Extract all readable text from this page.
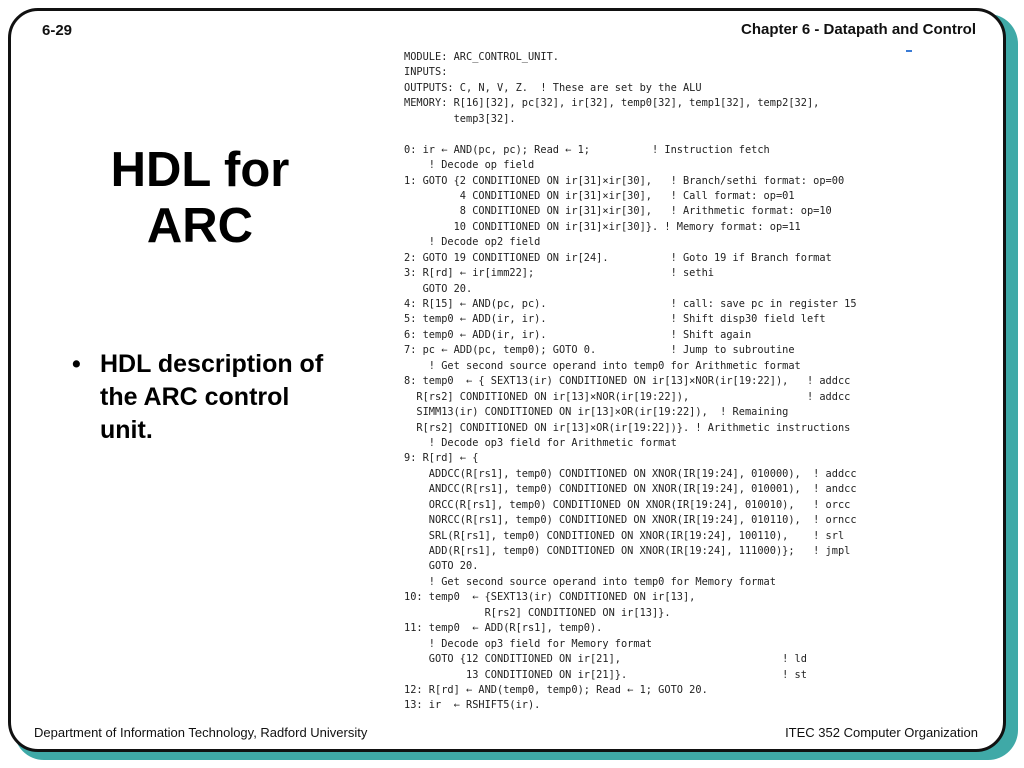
6-29	Chapter 6 - Datapath and Control
HDL for
ARC
• HDL description of the ARC control unit.
MODULE: ARC_CONTROL_UNIT.
INPUTS:
OUTPUTS: C, N, V, Z.  ! These are set by the ALU
MEMORY: R[16][32], pc[32], ir[32], temp0[32], temp1[32], temp2[32],
temp3[32].
0: ir ← AND(pc, pc); Read ← 1;          ! Instruction fetch
! Decode op field
1: GOTO {2 CONDITIONED ON ir[31]×ir[30],   ! Branch/sethi format: op=00
4 CONDITIONED ON ir[31]×ir[30],   ! Call format: op=01
8 CONDITIONED ON ir[31]×ir[30],   ! Arithmetic format: op=10
10 CONDITIONED ON ir[31]×ir[30]}. ! Memory format: op=11
! Decode op2 field
2: GOTO 19 CONDITIONED ON ir[24].          ! Goto 19 if Branch format
3: R[rd] ← ir[imm22];                      ! sethi
GOTO 20.
4: R[15] ← AND(pc, pc).                    ! call: save pc in register 15
5: temp0 ← ADD(ir, ir).                    ! Shift disp30 field left
6: temp0 ← ADD(ir, ir).                    ! Shift again
7: pc ← ADD(pc, temp0); GOTO 0.            ! Jump to subroutine
! Get second source operand into temp0 for Arithmetic format
8: temp0  ← { SEXT13(ir) CONDITIONED ON ir[13]×NOR(ir[19:22]),   ! addcc
R[rs2] CONDITIONED ON ir[13]×NOR(ir[19:22]),                   ! addcc
SIMM13(ir) CONDITIONED ON ir[13]×OR(ir[19:22]),  ! Remaining
R[rs2] CONDITIONED ON ir[13]×OR(ir[19:22])}. ! Arithmetic instructions
! Decode op3 field for Arithmetic format
9: R[rd] ← {
ADDCC(R[rs1], temp0) CONDITIONED ON XNOR(IR[19:24], 010000),  ! addcc
ANDCC(R[rs1], temp0) CONDITIONED ON XNOR(IR[19:24], 010001),  ! andcc
ORCC(R[rs1], temp0) CONDITIONED ON XNOR(IR[19:24], 010010),   ! orcc
NORCC(R[rs1], temp0) CONDITIONED ON XNOR(IR[19:24], 010110),  ! orncc
SRL(R[rs1], temp0) CONDITIONED ON XNOR(IR[19:24], 100110),    ! srl
ADD(R[rs1], temp0) CONDITIONED ON XNOR(IR[19:24], 111000)};   ! jmpl
GOTO 20.
! Get second source operand into temp0 for Memory format
10: temp0  ← {SEXT13(ir) CONDITIONED ON ir[13],
R[rs2] CONDITIONED ON ir[13]}.
11: temp0  ← ADD(R[rs1], temp0).
! Decode op3 field for Memory format
GOTO {12 CONDITIONED ON ir[21],                          ! ld
13 CONDITIONED ON ir[21]}.                         ! st
12: R[rd] ← AND(temp0, temp0); Read ← 1; GOTO 20.
13: ir  ← RSHIFT5(ir).
Department of Information Technology, Radford University	ITEC 352 Computer Organization
